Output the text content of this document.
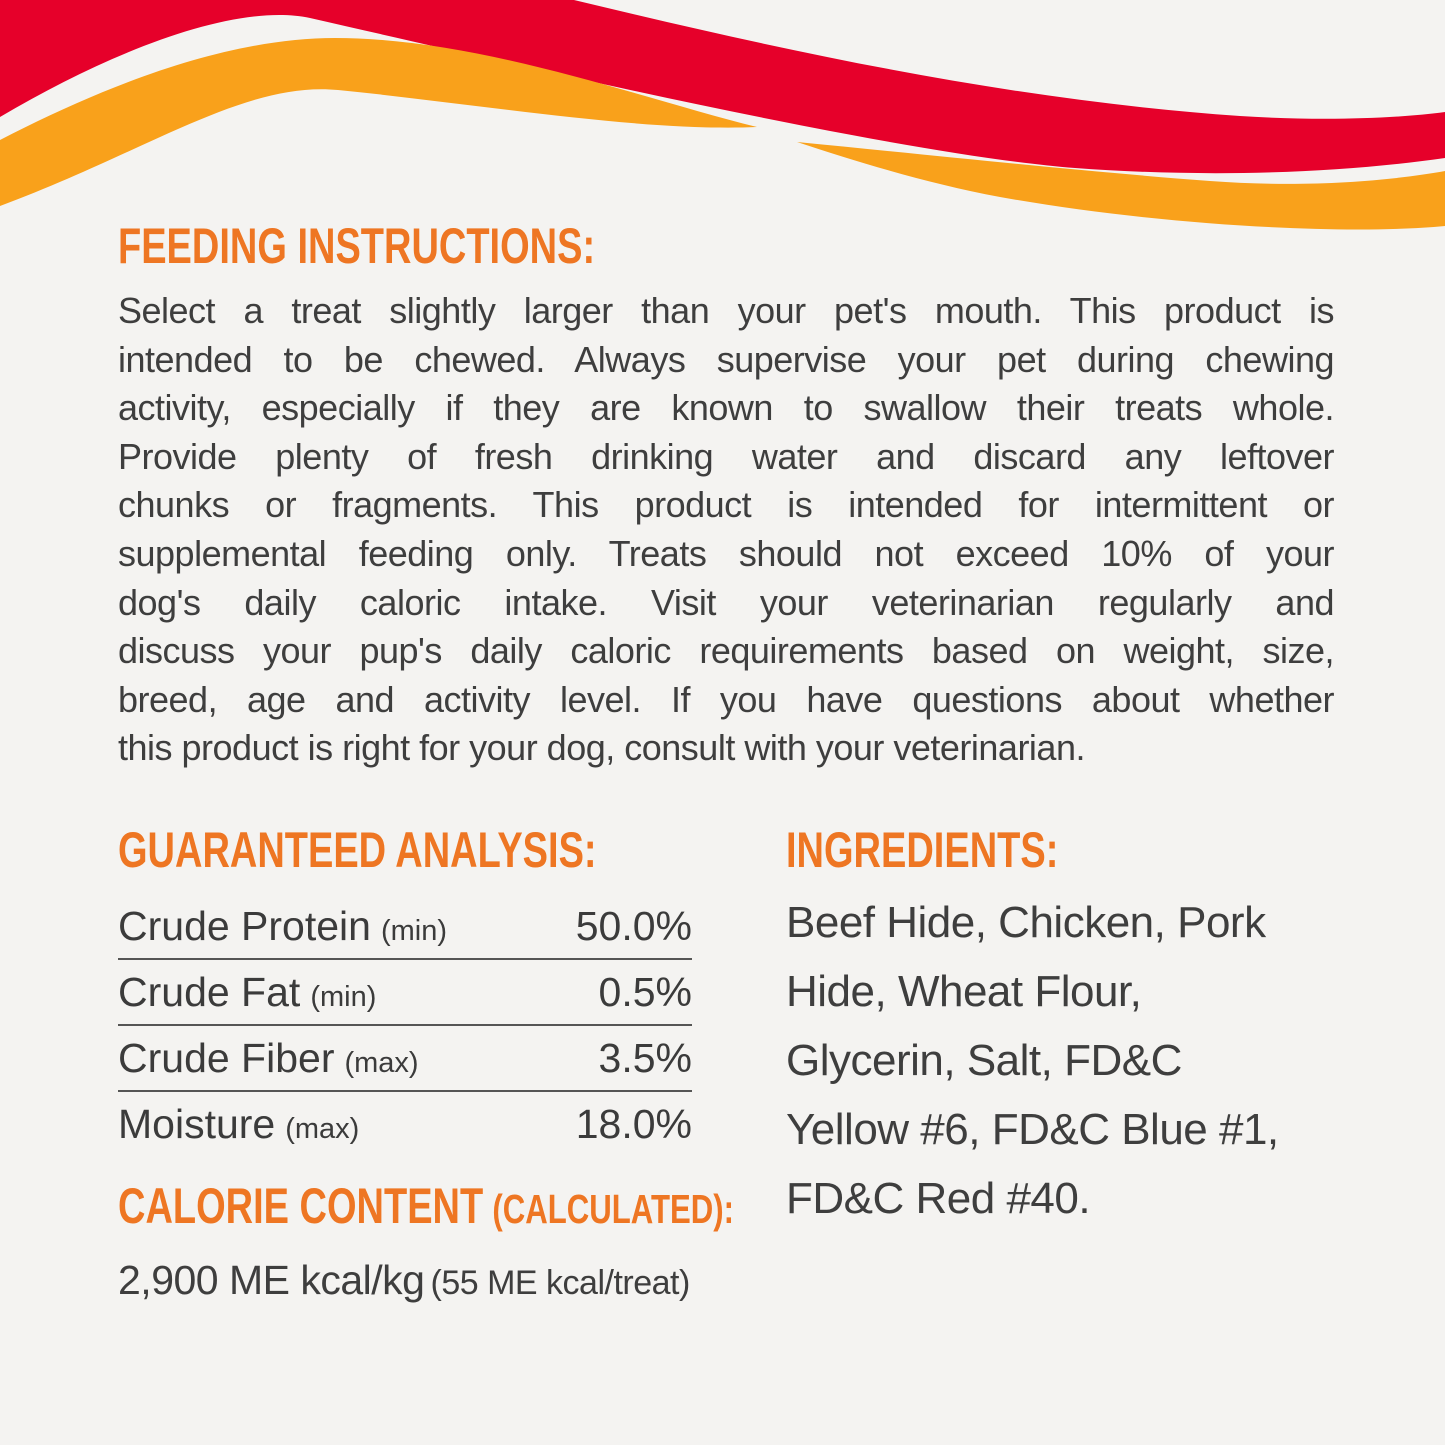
FEEDING INSTRUCTIONS:
Select a treat slightly larger than your pet's mouth. This product is
intended to be chewed. Always supervise your pet during chewing
activity, especially if they are known to swallow their treats whole.
Provide plenty of fresh drinking water and discard any leftover
chunks or fragments. This product is intended for intermittent or
supplemental feeding only. Treats should not exceed 10% of your
dog's daily caloric intake. Visit your veterinarian regularly and
discuss your pup's daily caloric requirements based on weight, size,
breed, age and activity level. If you have questions about whether
this product is right for your dog, consult with your veterinarian.
GUARANTEED ANALYSIS:
Crude Protein (min)	50.0%
Crude Fat (min)	0.5%
Crude Fiber (max)	3.5%
Moisture (max)	18.0%
CALORIE CONTENT (CALCULATED):
2,900 ME kcal/kg (55 ME kcal/treat)
INGREDIENTS:
Beef Hide, Chicken, Pork
Hide, Wheat Flour,
Glycerin, Salt, FD&C
Yellow #6, FD&C Blue #1,
FD&C Red #40.
